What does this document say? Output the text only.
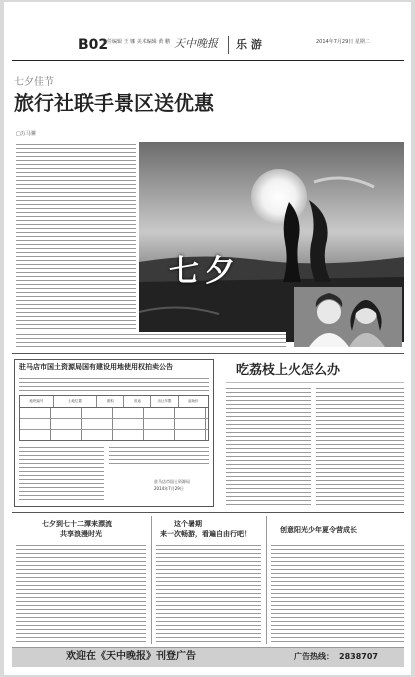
B02
责任编辑 王 娜 美术编辑 黄 鹏 天中晚报 乐 游	2014年7月29日 星期二
七夕佳节
旅行社联手景区送优惠
□万马骥
七夕
驻马店市国土资源局国有建设用地使用权拍卖公告
地块编号	土地位置	面积	用途	出让年限	起始价
驻马店市国土资源局
2014年7月29日
吃荔枝上火怎么办
七夕到七十二潭来漂流
共享浪漫时光
这个暑期
来一次畅游，看遍自由行吧！	创意阳光少年夏令营成长
欢迎在《天中晚报》刊登广告	广告热线： 2838707
